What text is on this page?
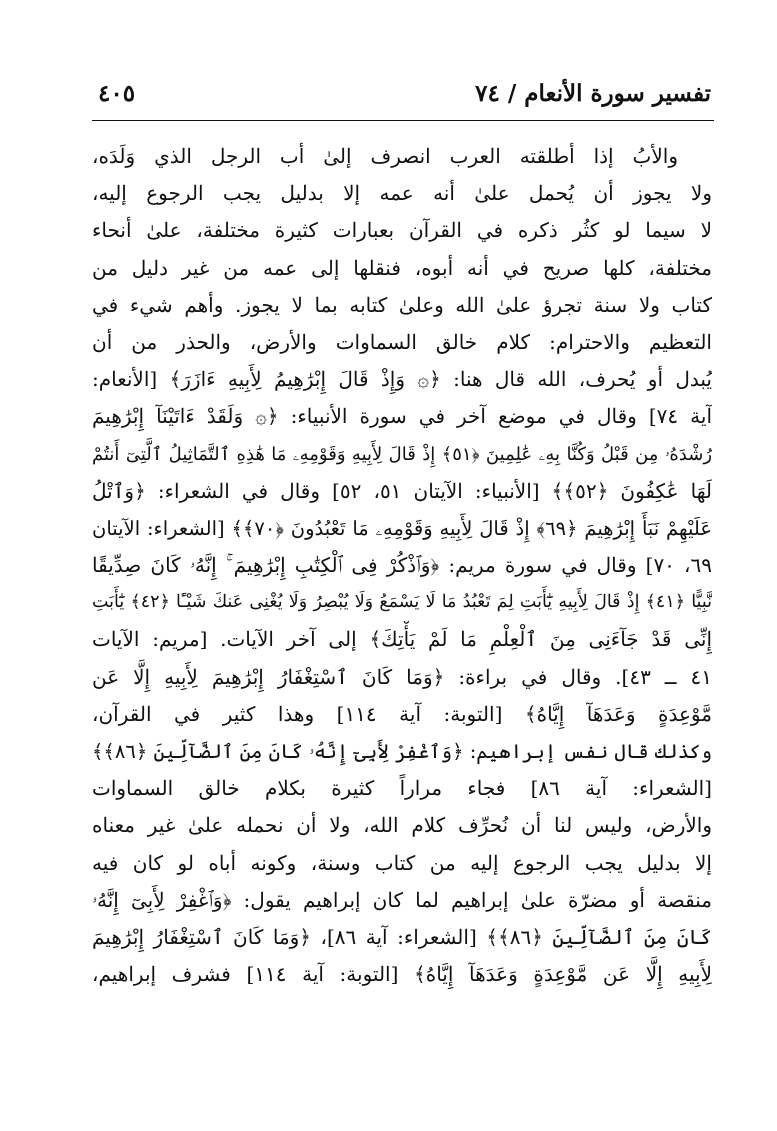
تفسير سورة الأنعام / ٧٤
٤٠٥
والأبُ إذا أطلقته العرب انصرف إلىٰ أب الرجل الذي وَلَدَه،
ولا يجوز أن يُحمل علىٰ أنه عمه إلا بدليل يجب الرجوع إليه،
لا سيما لو كثُر ذكره في القرآن بعبارات كثيرة مختلفة، علىٰ أنحاء
مختلفة، كلها صريح في أنه أبوه، فنقلها إلى عمه من غير دليل من
كتاب ولا سنة تجرؤ علىٰ الله وعلىٰ كتابه بما لا يجوز. وأهم شيء في
التعظيم والاحترام: كلام خالق السماوات والأرض، والحذر من أن
يُبدل أو يُحرف، الله قال هنا: ﴿۞ وَإِذْ قَالَ إِبْرَٰهِيمُ لِأَبِيهِ ءَازَرَ﴾ [الأنعام:
آية ٧٤] وقال في موضع آخر في سورة الأنبياء: ﴿۞ وَلَقَدْ ءَاتَيْنَآ إِبْرَٰهِيمَ
رُشْدَهُۥ مِن قَبْلُ وَكُنَّا بِهِۦ عَٰلِمِينَ ﴿٥١﴾ إِذْ قَالَ لِأَبِيهِ وَقَوْمِهِۦ مَا هَٰذِهِ ٱلتَّمَاثِيلُ ٱلَّتِىٓ أَنتُمْ
لَهَا عَٰكِفُونَ ﴿٥٢﴾﴾ [الأنبياء: الآيتان ٥١، ٥٢] وقال في الشعراء: ﴿وَٱتْلُ
عَلَيْهِمْ نَبَأَ إِبْرَٰهِيمَ ﴿٦٩﴾ إِذْ قَالَ لِأَبِيهِ وَقَوْمِهِۦ مَا تَعْبُدُونَ ﴿٧٠﴾﴾ [الشعراء: الآيتان
٦٩، ٧٠] وقال في سورة مريم: ﴿وَٱذْكُرْ فِى ٱلْكِتَٰبِ إِبْرَٰهِيمَ ۚ إِنَّهُۥ كَانَ صِدِّيقًا
نَّبِيًّا ﴿٤١﴾ إِذْ قَالَ لِأَبِيهِ يَٰٓأَبَتِ لِمَ تَعْبُدُ مَا لَا يَسْمَعُ وَلَا يُبْصِرُ وَلَا يُغْنِى عَنكَ شَيْـًٔا ﴿٤٢﴾ يَٰٓأَبَتِ
إِنِّى قَدْ جَآءَنِى مِنَ ٱلْعِلْمِ مَا لَمْ يَأْتِكَ﴾ إلى آخر الآيات. [مريم: الآيات
٤١ ــ ٤٣]. وقال في براءة: ﴿وَمَا كَانَ ٱسْتِغْفَارُ إِبْرَٰهِيمَ لِأَبِيهِ إِلَّا عَن
مَّوْعِدَةٍ وَعَدَهَآ إِيَّاهُ﴾ [التوبة: آية ١١٤] وهذا كثير في القرآن،
وكذلك قال نفس إبراهيم: ﴿وَٱغْفِرْ لِأَبِىٓ إِنَّهُۥ كَانَ مِنَ ٱلضَّآلِّينَ ﴿٨٦﴾﴾
[الشعراء: آية ٨٦] فجاء مراراً كثيرة بكلام خالق السماوات
والأرض، وليس لنا أن نُحرِّف كلام الله، ولا أن نحمله علىٰ غير معناه
إلا بدليل يجب الرجوع إليه من كتاب وسنة، وكونه أباه لو كان فيه
منقصة أو مضرّة علىٰ إبراهيم لما كان إبراهيم يقول: ﴿وَٱغْفِرْ لِأَبِىٓ إِنَّهُۥ
كَانَ مِنَ ٱلضَّآلِّينَ ﴿٨٦﴾﴾ [الشعراء: آية ٨٦]، ﴿وَمَا كَانَ ٱسْتِغْفَارُ إِبْرَٰهِيمَ
لِأَبِيهِ إِلَّا عَن مَّوْعِدَةٍ وَعَدَهَآ إِيَّاهُ﴾ [التوبة: آية ١١٤] فشرف إبراهيم،
